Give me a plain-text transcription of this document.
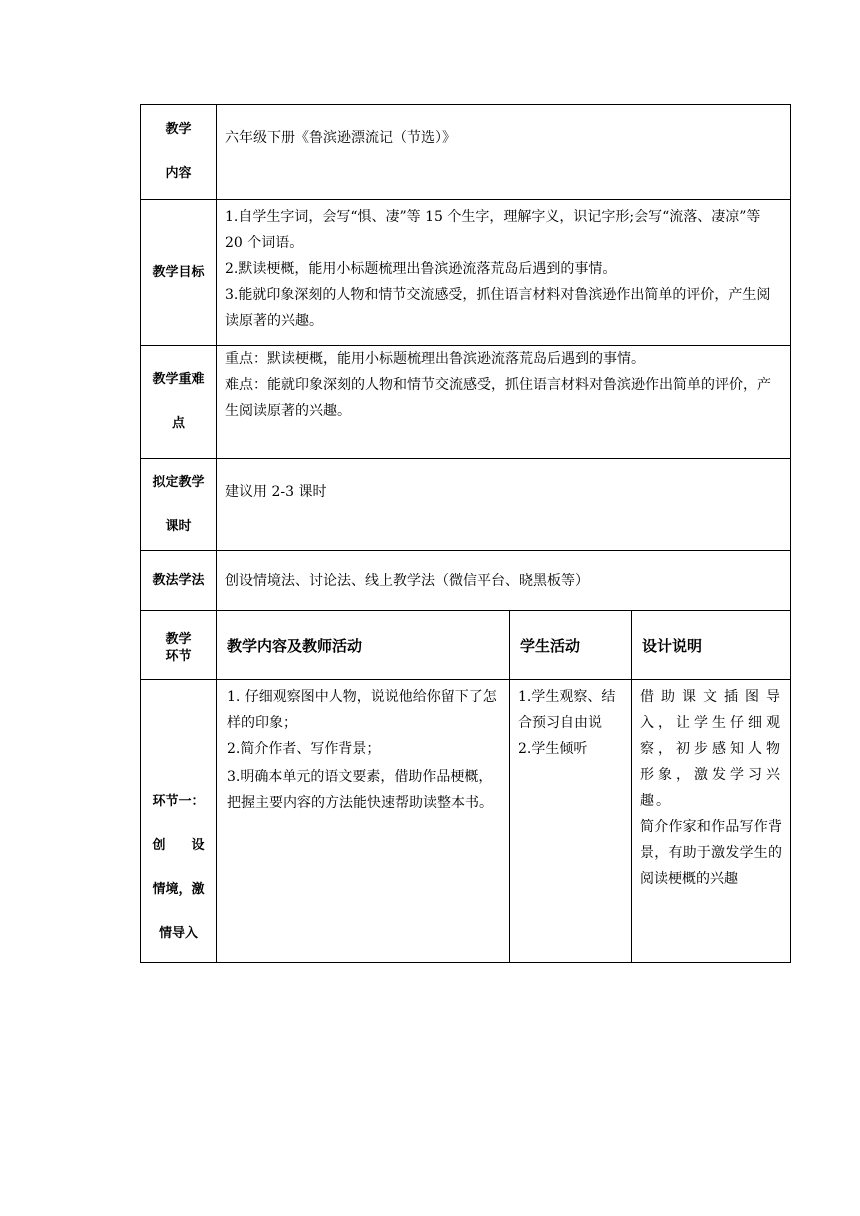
教学
内容	六年级下册《鲁滨逊漂流记（节选）》		
教学目标	1.自学生字词，会写“惧、凄”等 15 个生字，理解字义，识记字形;会写“流落、凄凉”等 20 个词语。
2.默读梗概，能用小标题梳理出鲁滨逊流落荒岛后遇到的事情。
3.能就印象深刻的人物和情节交流感受，抓住语言材料对鲁滨逊作出简单的评价，产生阅读原著的兴趣。		

教学重难
点	重点：默读梗概，能用小标题梳理出鲁滨逊流落荒岛后遇到的事情。
难点：能就印象深刻的人物和情节交流感受，抓住语言材料对鲁滨逊作出简单的评价，产生阅读原著的兴趣。		

拟定教学
课时	建议用 2-3 课时		
教法学法	创设情境法、讨论法、线上教学法（微信平台、晓黑板等）		

教学
环节	教学内容及教师活动	学生活动	设计说明

环节一：
创　　设
情境，激
情导入	1. 仔细观察图中人物，说说他给你留下了怎样的印象；
2.简介作者、写作背景；
3.明确本单元的语文要素，借助作品梗概，把握主要内容的方法能快速帮助读整本书。	1.学生观察、结合预习自由说
2.学生倾听	借助课文插图导入，让学生仔细观察，初步感知人物形象，激发学习兴趣。
简介作家和作品写作背景，有助于激发学生的阅读梗概的兴趣
